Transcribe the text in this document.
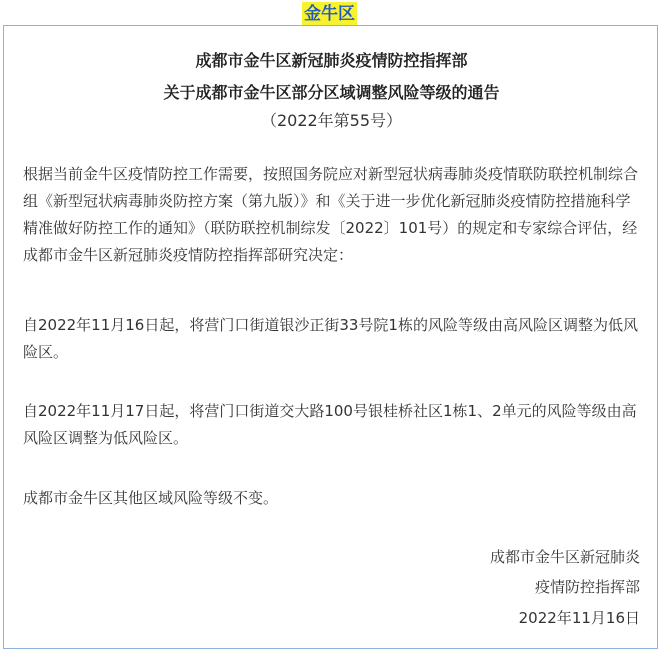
金牛区
成都市金牛区新冠肺炎疫情防控指挥部
关于成都市金牛区部分区域调整风险等级的通告
（2022年第55号）

根据当前金牛区疫情防控工作需要，按照国务院应对新型冠状病毒肺炎疫情联防联控机制综合组《新型冠状病毒肺炎防控方案（第九版）》和《关于进一步优化新冠肺炎疫情防控措施科学精准做好防控工作的通知》（联防联控机制综发〔2022〕101号）的规定和专家综合评估，经成都市金牛区新冠肺炎疫情防控指挥部研究决定：

自2022年11月16日起，将营门口街道银沙正街33号院1栋的风险等级由高风险区调整为低风险区。

自2022年11月17日起，将营门口街道交大路100号银桂桥社区1栋1、2单元的风险等级由高风险区调整为低风险区。

成都市金牛区其他区域风险等级不变。

成都市金牛区新冠肺炎
疫情防控指挥部
2022年11月16日
